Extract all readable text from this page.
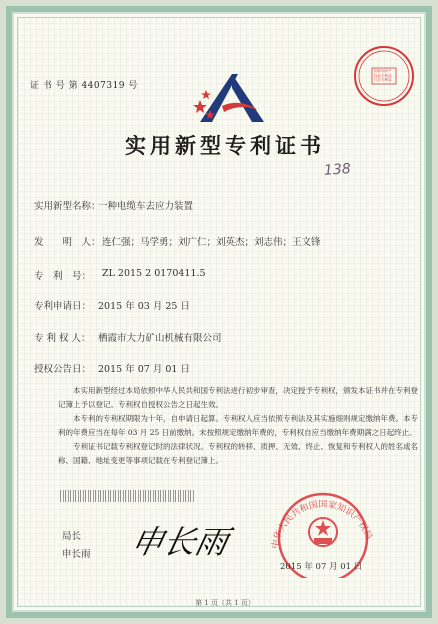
证 书 号 第 4407319 号
国家知识产权局专利局代办专利局
实用新型专利证书
138
实用新型名称：
一种电缆车去应力装置
发　　明　人： 连仁强；马学勇；刘广仁；刘英杰；刘志伟；王文锋
专　利　号： ZL 2015 2 0170411.5
专利申请日： 2015 年 03 月 25 日
专 利 权 人： 栖霞市大力矿山机械有限公司
授权公告日： 2015 年 07 月 01 日

本实用新型经过本局依照中华人民共和国专利法进行初步审查，决定授予专利权，颁发本证书并在专利登记簿上予以登记。专利权自授权公告之日起生效。

本专利的专利权期限为十年，自申请日起算。专利权人应当依照专利法及其实施细则规定缴纳年费。本专利的年费应当在每年 03 月 25 日前缴纳。未按照规定缴纳年费的，专利权自应当缴纳年费期满之日起终止。

专利证书记载专利权登记时的法律状况。专利权的转移、质押、无效、终止、恢复和专利权人的姓名或名称、国籍、地址变更等事项记载在专利登记簿上。

局长
申长雨 申长雨	中华人民共和国国家知识产权局
2015 年 07 月 01 日
第 1 页（共 1 页）
